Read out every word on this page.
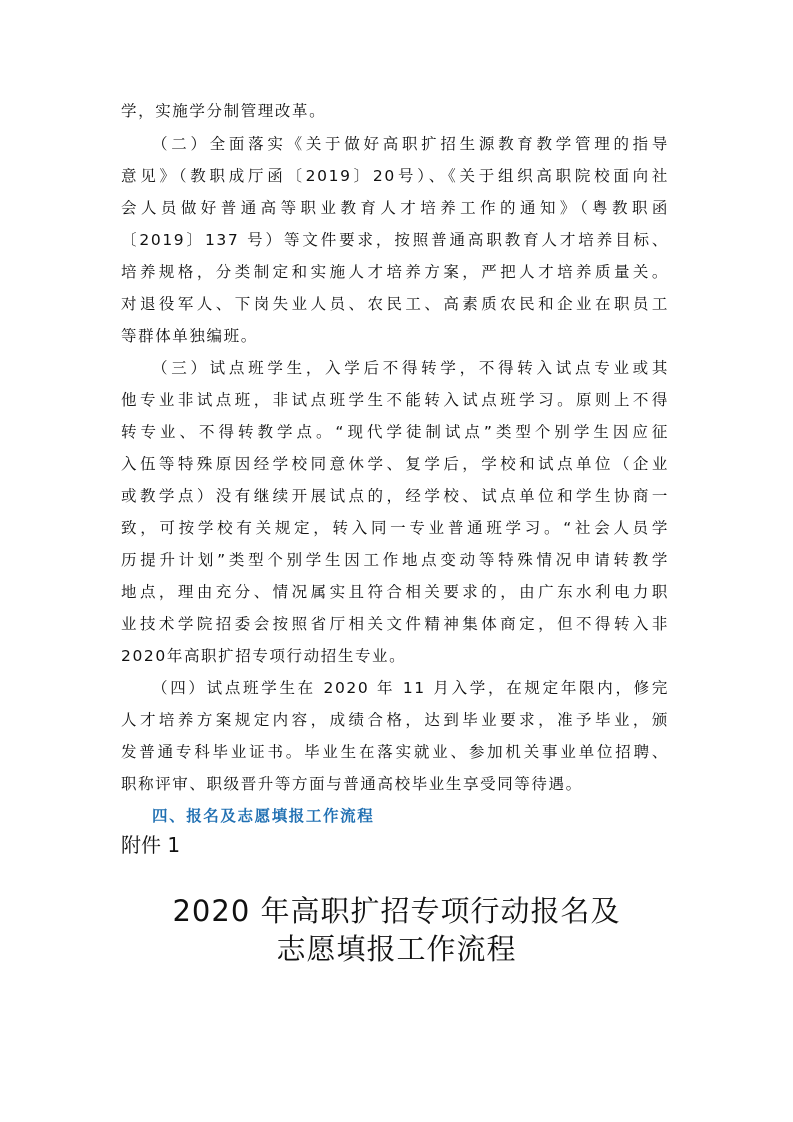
学，实施学分制管理改革。
（二）全面落实《关于做好高职扩招生源教育教学管理的指导
意见》（教职成厅函〔2019〕20号）、《关于组织高职院校面向社
会人员做好普通高等职业教育人才培养工作的通知》（粤教职函
〔2019〕137 号）等文件要求，按照普通高职教育人才培养目标、
培养规格，分类制定和实施人才培养方案，严把人才培养质量关。
对退役军人、下岗失业人员、农民工、高素质农民和企业在职员工
等群体单独编班。
（三）试点班学生，入学后不得转学，不得转入试点专业或其
他专业非试点班，非试点班学生不能转入试点班学习。原则上不得
转专业、不得转教学点。“现代学徒制试点”类型个别学生因应征
入伍等特殊原因经学校同意休学、复学后，学校和试点单位（企业
或教学点）没有继续开展试点的，经学校、试点单位和学生协商一
致，可按学校有关规定，转入同一专业普通班学习。“社会人员学
历提升计划”类型个别学生因工作地点变动等特殊情况申请转教学
地点，理由充分、情况属实且符合相关要求的，由广东水利电力职
业技术学院招委会按照省厅相关文件精神集体商定，但不得转入非
2020年高职扩招专项行动招生专业。
（四）试点班学生在 2020 年 11 月入学，在规定年限内，修完
人才培养方案规定内容，成绩合格，达到毕业要求，准予毕业，颁
发普通专科毕业证书。毕业生在落实就业、参加机关事业单位招聘、
职称评审、职级晋升等方面与普通高校毕业生享受同等待遇。
四、报名及志愿填报工作流程
附件 1
2020 年高职扩招专项行动报名及
志愿填报工作流程
